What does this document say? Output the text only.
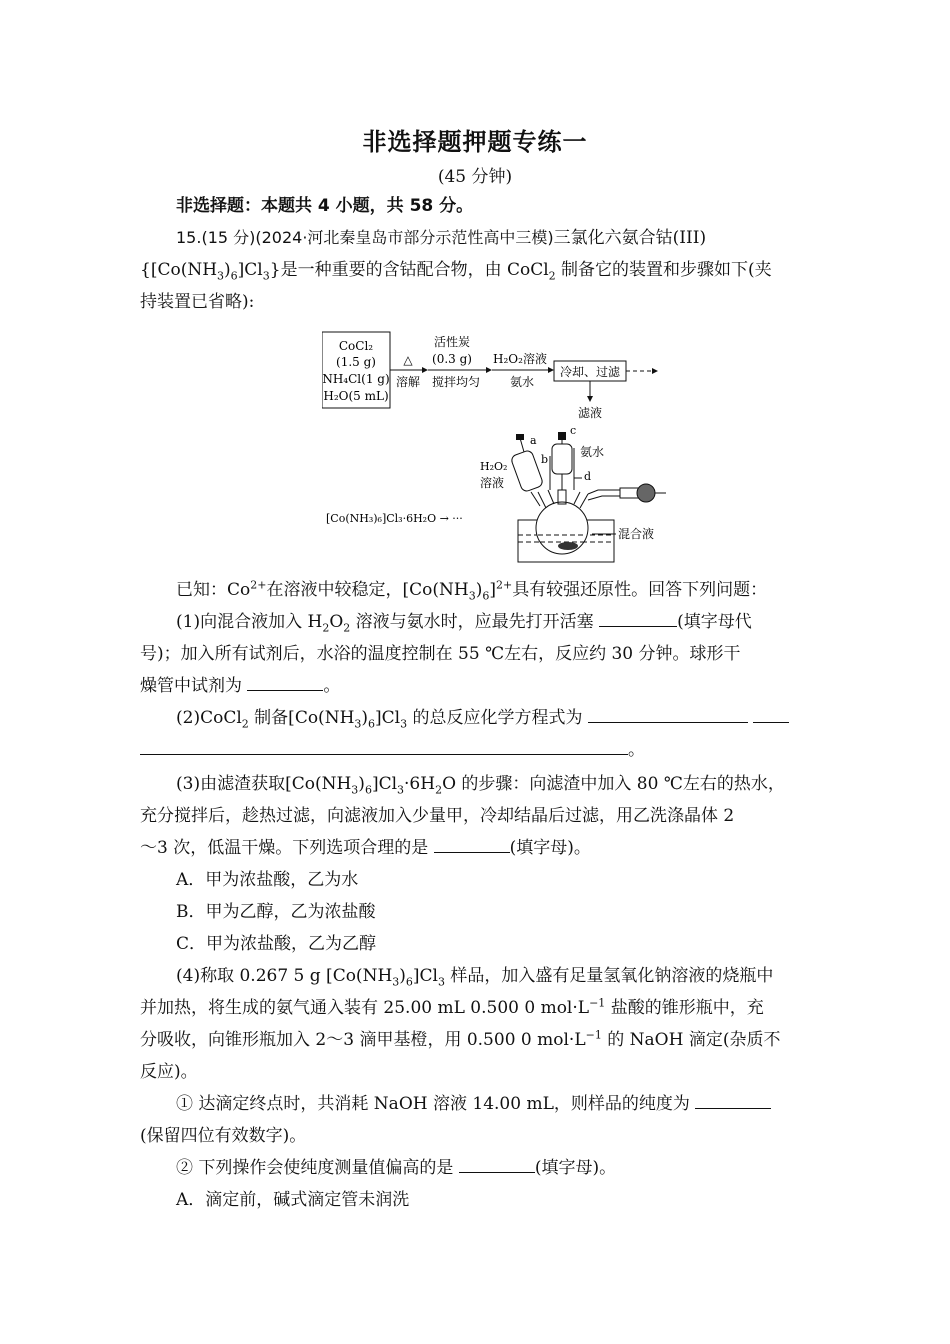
非选择题押题专练一
(45 分钟)
非选择题：本题共 4 小题，共 58 分。
15.(15 分)(2024·河北秦皇岛市部分示范性高中三模)三氯化六氨合钴(III)
$\{[Co(NH_3)_6]Cl_3\}$是一种重要的含钴配合物，由 CoCl$_2$ 制备它的装置和步骤如下(夹
持装置已省略):
CoCl₂
(1.5 g)
NH₄Cl(1 g)
H₂O(5 mL)
△
溶解
活性炭
(0.3 g)
搅拌均匀
H₂O₂溶液
氨水
冷却、过滤
滤液
a
b
H₂O₂
溶液
c
d
氨水
混合液
[Co(NH₃)₆]Cl₃·6H₂O → ···
已知：$Co^{2+}$在溶液中较稳定，$[Co(NH_3)_6]^{2+}$具有较强还原性。回答下列问题：
(1)向混合液加入 $H_2O_2$ 溶液与氨水时，应最先打开活塞	(填字母代
号)；加入所有试剂后，水浴的温度控制在 55 ℃左右，反应约 30 分钟。球形干
燥管中试剂为	。
(2)CoCl$_2$ 制备$[Co(NH_3)_6]Cl_3$ 的总反应化学方程式为
。
(3)由滤渣获取$[Co(NH_3)_6]Cl_3\cdot 6H_2O$ 的步骤：向滤渣中加入 80 ℃左右的热水，
充分搅拌后，趁热过滤，向滤液加入少量甲，冷却结晶后过滤，用乙洗涤晶体 2
～3 次，低温干燥。下列选项合理的是	(填字母)。
A．甲为浓盐酸，乙为水
B．甲为乙醇，乙为浓盐酸
C．甲为浓盐酸，乙为乙醇
(4)称取 0.267 5 g $[Co(NH_3)_6]Cl_3$ 样品，加入盛有足量氢氧化钠溶液的烧瓶中
并加热，将生成的氨气通入装有 25.00 mL 0.500 0 $mol\cdot L^{-1}$ 盐酸的锥形瓶中，充
分吸收，向锥形瓶加入 2～3 滴甲基橙，用 0.500 0 $mol\cdot L^{-1}$ 的 NaOH 滴定(杂质不
反应)。
① 达滴定终点时，共消耗 NaOH 溶液 14.00 mL，则样品的纯度为
(保留四位有效数字)。
② 下列操作会使纯度测量值偏高的是	(填字母)。
A．滴定前，碱式滴定管未润洗
